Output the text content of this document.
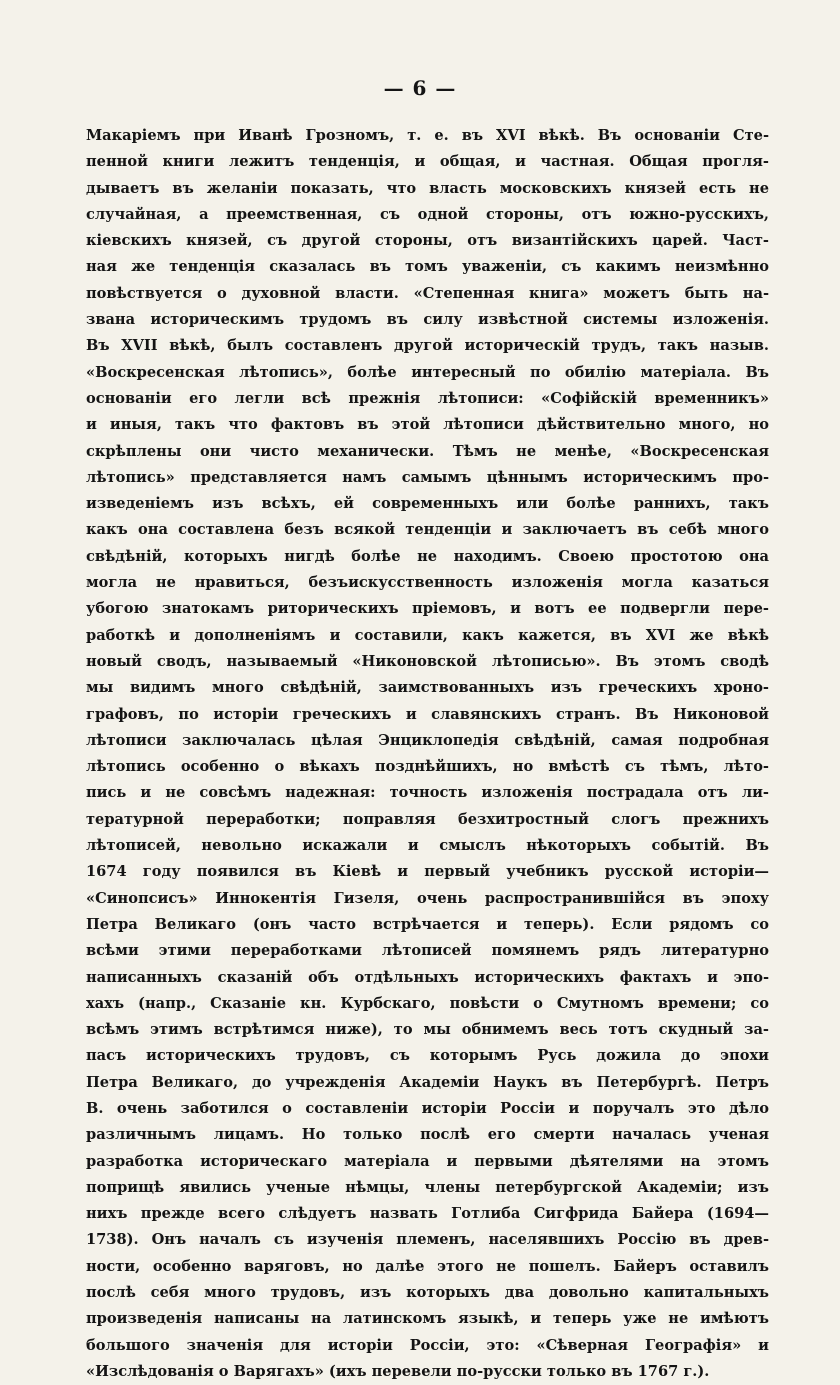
— 6 —
Макаріемъ при Иванѣ Грозномъ, т. е. въ XVI вѣкѣ. Въ основаніи Сте-
пенной книги лежитъ тенденція, и общая, и частная. Общая прогля-
дываетъ въ желаніи показать, что власть московскихъ князей есть не
случайная, а преемственная, съ одной стороны, отъ южно-русскихъ,
кіевскихъ князей, съ другой стороны, отъ византійскихъ царей. Част-
ная же тенденція сказалась въ томъ уваженіи, съ какимъ неизмѣнно
повѣствуется о духовной власти. «Степенная книга» можетъ быть на-
звана историческимъ трудомъ въ силу извѣстной системы изложенія.
Въ XVII вѣкѣ, былъ составленъ другой историческій трудъ, такъ назыв.
«Воскресенская лѣтопись», болѣе интересный по обилію матеріала. Въ
основаніи его легли всѣ прежнія лѣтописи: «Софійскій временникъ»
и иныя, такъ что фактовъ въ этой лѣтописи дѣйствительно много, но
скрѣплены они чисто механически. Тѣмъ не менѣе, «Воскресенская
лѣтопись» представляется намъ самымъ цѣннымъ историческимъ про-
изведеніемъ изъ всѣхъ, ей современныхъ или болѣе раннихъ, такъ
какъ она составлена безъ всякой тенденціи и заключаетъ въ себѣ много
свѣдѣній, которыхъ нигдѣ болѣе не находимъ. Своею простотою она
могла не нравиться, безъискусственность изложенія могла казаться
убогою знатокамъ риторическихъ пріемовъ, и вотъ ее подвергли пере-
работкѣ и дополненіямъ и составили, какъ кажется, въ XVI же вѣкѣ
новый сводъ, называемый «Никоновской лѣтописью». Въ этомъ сводѣ
мы видимъ много свѣдѣній, заимствованныхъ изъ греческихъ хроно-
графовъ, по исторіи греческихъ и славянскихъ странъ. Въ Никоновой
лѣтописи заключалась цѣлая Энциклопедія свѣдѣній, самая подробная
лѣтопись особенно о вѣкахъ позднѣйшихъ, но вмѣстѣ съ тѣмъ, лѣто-
пись и не совсѣмъ надежная: точность изложенія пострадала отъ ли-
тературной переработки; поправляя безхитростный слогъ прежнихъ
лѣтописей, невольно искажали и смыслъ нѣкоторыхъ событій. Въ
1674 году появился въ Кіевѣ и первый учебникъ русской исторіи—
«Синопсисъ» Иннокентія Гизеля, очень распространившійся въ эпоху
Петра Великаго (онъ часто встрѣчается и теперь). Если рядомъ со
всѣми этими переработками лѣтописей помянемъ рядъ литературно
написанныхъ сказаній объ отдѣльныхъ историческихъ фактахъ и эпо-
хахъ (напр., Сказаніе кн. Курбскаго, повѣсти о Смутномъ времени; со
всѣмъ этимъ встрѣтимся ниже), то мы обнимемъ весь тотъ скудный за-
пасъ историческихъ трудовъ, съ которымъ Русь дожила до эпохи
Петра Великаго, до учрежденія Академіи Наукъ въ Петербургѣ. Петръ
В. очень заботился о составленіи исторіи Россіи и поручалъ это дѣло
различнымъ лицамъ. Но только послѣ его смерти началась ученая
разработка историческаго матеріала и первыми дѣятелями на этомъ
поприщѣ явились ученые нѣмцы, члены петербургской Академіи; изъ
нихъ прежде всего слѣдуетъ назвать Готлиба Сигфрида Байера (1694—
1738). Онъ началъ съ изученія племенъ, населявшихъ Россію въ древ-
ности, особенно варяговъ, но далѣе этого не пошелъ. Байеръ оставилъ
послѣ себя много трудовъ, изъ которыхъ два довольно капитальныхъ
произведенія написаны на латинскомъ языкѣ, и теперь уже не имѣютъ
большого значенія для исторіи Россіи, это: «Сѣверная Географія» и
«Изслѣдованія о Варягахъ» (ихъ перевели по-русски только въ 1767 г.).
